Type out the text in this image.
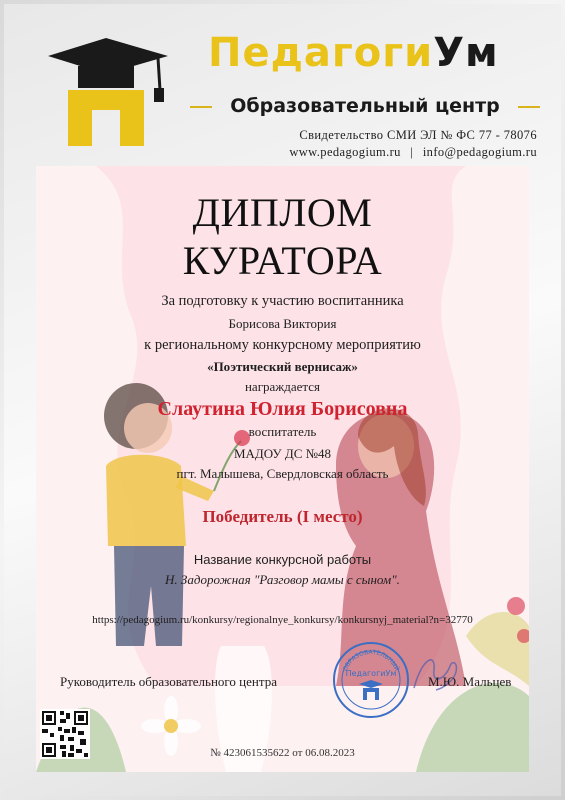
ПедагогиУм
Образовательный центр
Свидетельство СМИ ЭЛ № ФС 77 - 78076
www.pedagogium.ru | info@pedagogium.ru
ДИПЛОМ
КУРАТОРА
За подготовку к участию воспитанника
Борисова Виктория
к региональному конкурсному мероприятию
«Поэтический вернисаж»
награждается
Слаутина Юлия Борисовна
воспитатель
МАДОУ ДС №48
пгт. Малышева, Свердловская область
Победитель (I место)
Название конкурсной работы
Н. Задорожная "Разговор мамы с сыном".
https://pedagogium.ru/konkursy/regionalnye_konkursy/konkursnyj_material?n=32770
Руководитель образовательного центра
ОБРАЗОВАТЕЛЬНЫЙ
ПедагогиУм
М.Ю. Мальцев
№ 423061535622 от 06.08.2023
